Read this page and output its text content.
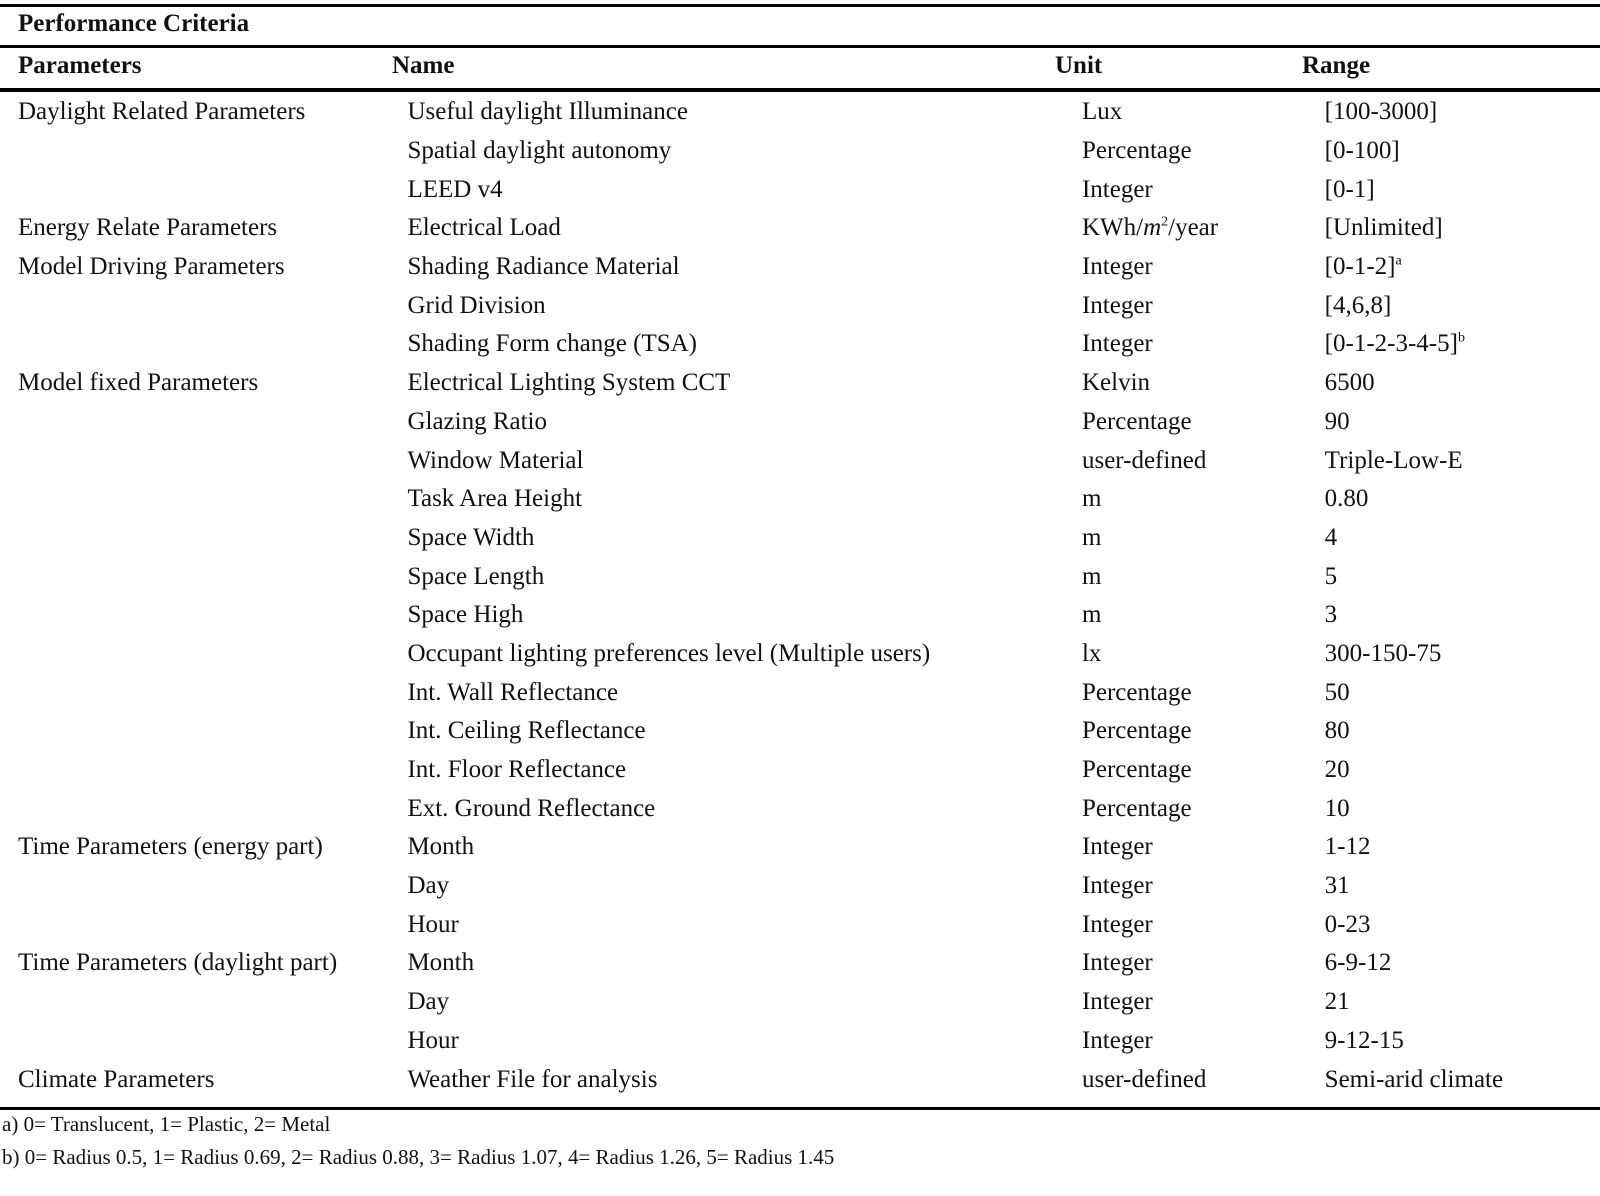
Performance Criteria
Parameters	Name	Unit	Range
Daylight Related Parameters	Useful daylight Illuminance	Lux	[100-3000]
	Spatial daylight autonomy	Percentage	[0-100]
	LEED v4	Integer	[0-1]
Energy Relate Parameters	Electrical Load	KWh/$m^2$/year	[Unlimited]
Model Driving Parameters	Shading Radiance Material	Integer	$[0-1-2]^a$
	Grid Division	Integer	[4,6,8]
	Shading Form change (TSA)	Integer	$[0-1-2-3-4-5]^b$
Model fixed Parameters	Electrical Lighting System CCT	Kelvin	6500
	Glazing Ratio	Percentage	90
	Window Material	user-defined	Triple-Low-E
	Task Area Height	m	0.80
	Space Width	m	4
	Space Length	m	5
	Space High	m	3
	Occupant lighting preferences level (Multiple users)	lx	300-150-75
	Int. Wall Reflectance	Percentage	50
	Int. Ceiling Reflectance	Percentage	80
	Int. Floor Reflectance	Percentage	20
	Ext. Ground Reflectance	Percentage	10
Time Parameters (energy part)	Month	Integer	1-12
	Day	Integer	31
	Hour	Integer	0-23
Time Parameters (daylight part)	Month	Integer	6-9-12
	Day	Integer	21
	Hour	Integer	9-12-15
Climate Parameters	Weather File for analysis	user-defined	Semi-arid climate
a) 0= Translucent, 1= Plastic, 2= Metal
b) 0= Radius 0.5, 1= Radius 0.69, 2= Radius 0.88, 3= Radius 1.07, 4= Radius 1.26, 5= Radius 1.45
